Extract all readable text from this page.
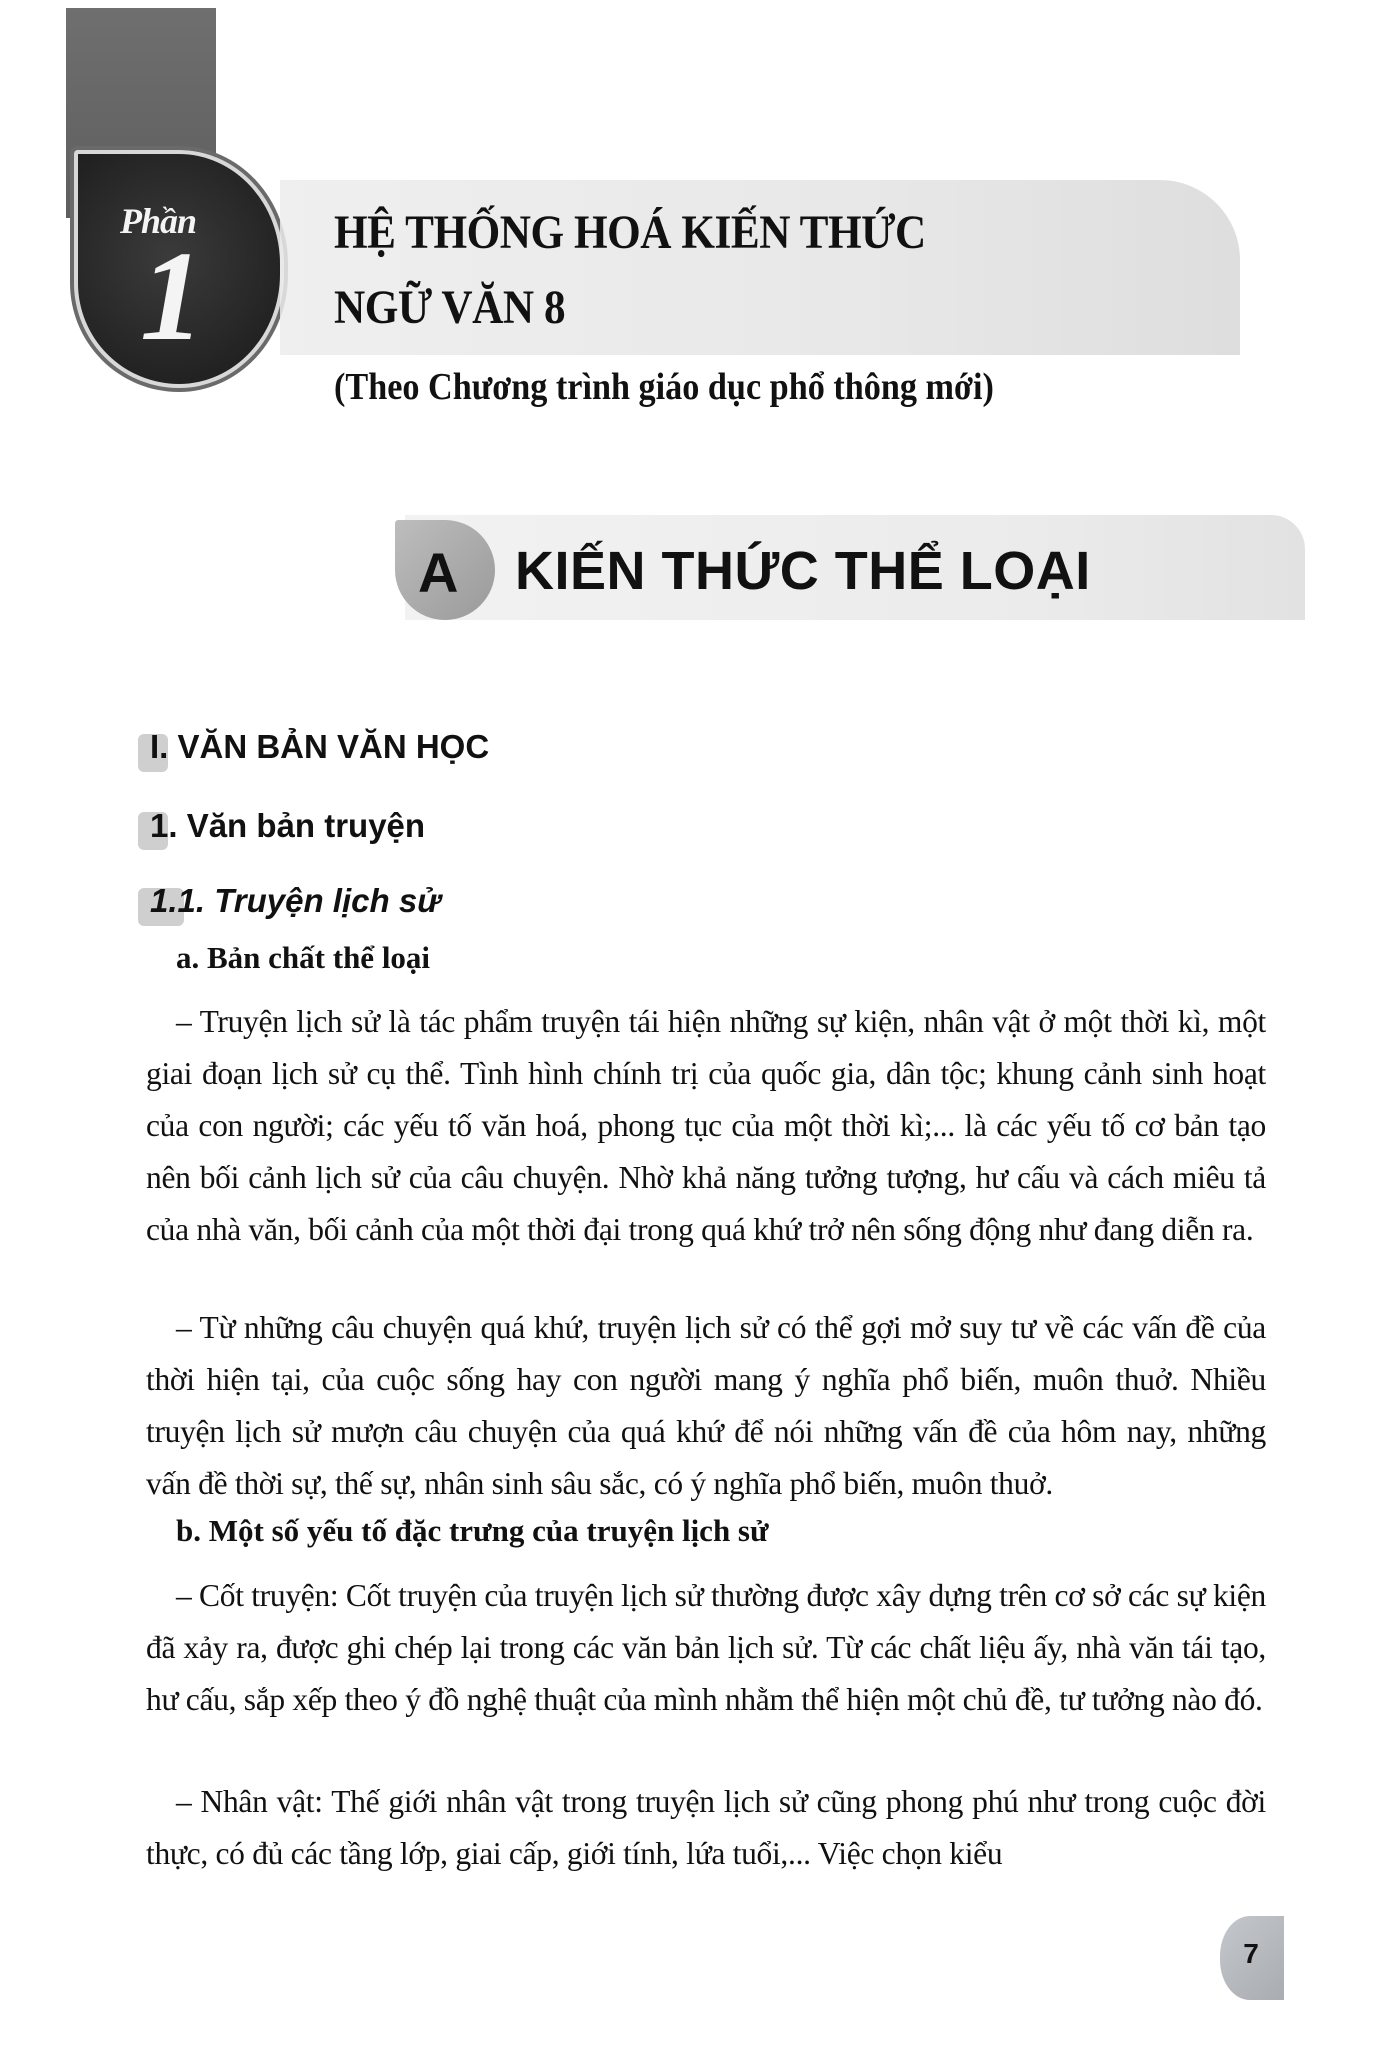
Phần
1	HỆ THỐNG HOÁ KIẾN THỨC
NGỮ VĂN 8
(Theo Chương trình giáo dục phổ thông mới)
A KIẾN THỨC THỂ LOẠI
I. VĂN BẢN VĂN HỌC
1. Văn bản truyện
1.1. Truyện lịch sử
a. Bản chất thể loại

– Truyện lịch sử là tác phẩm truyện tái hiện những sự kiện, nhân vật ở một thời kì, một giai đoạn lịch sử cụ thể. Tình hình chính trị của quốc gia, dân tộc; khung cảnh sinh hoạt của con người; các yếu tố văn hoá, phong tục của một thời kì;... là các yếu tố cơ bản tạo nên bối cảnh lịch sử của câu chuyện. Nhờ khả năng tưởng tượng, hư cấu và cách miêu tả của nhà văn, bối cảnh của một thời đại trong quá khứ trở nên sống động như đang diễn ra.

– Từ những câu chuyện quá khứ, truyện lịch sử có thể gợi mở suy tư về các vấn đề của thời hiện tại, của cuộc sống hay con người mang ý nghĩa phổ biến, muôn thuở. Nhiều truyện lịch sử mượn câu chuyện của quá khứ để nói những vấn đề của hôm nay, những vấn đề thời sự, thế sự, nhân sinh sâu sắc, có ý nghĩa phổ biến, muôn thuở.

b. Một số yếu tố đặc trưng của truyện lịch sử

– Cốt truyện: Cốt truyện của truyện lịch sử thường được xây dựng trên cơ sở các sự kiện đã xảy ra, được ghi chép lại trong các văn bản lịch sử. Từ các chất liệu ấy, nhà văn tái tạo, hư cấu, sắp xếp theo ý đồ nghệ thuật của mình nhằm thể hiện một chủ đề, tư tưởng nào đó.

– Nhân vật: Thế giới nhân vật trong truyện lịch sử cũng phong phú như trong cuộc đời thực, có đủ các tầng lớp, giai cấp, giới tính, lứa tuổi,... Việc chọn kiểu

7
